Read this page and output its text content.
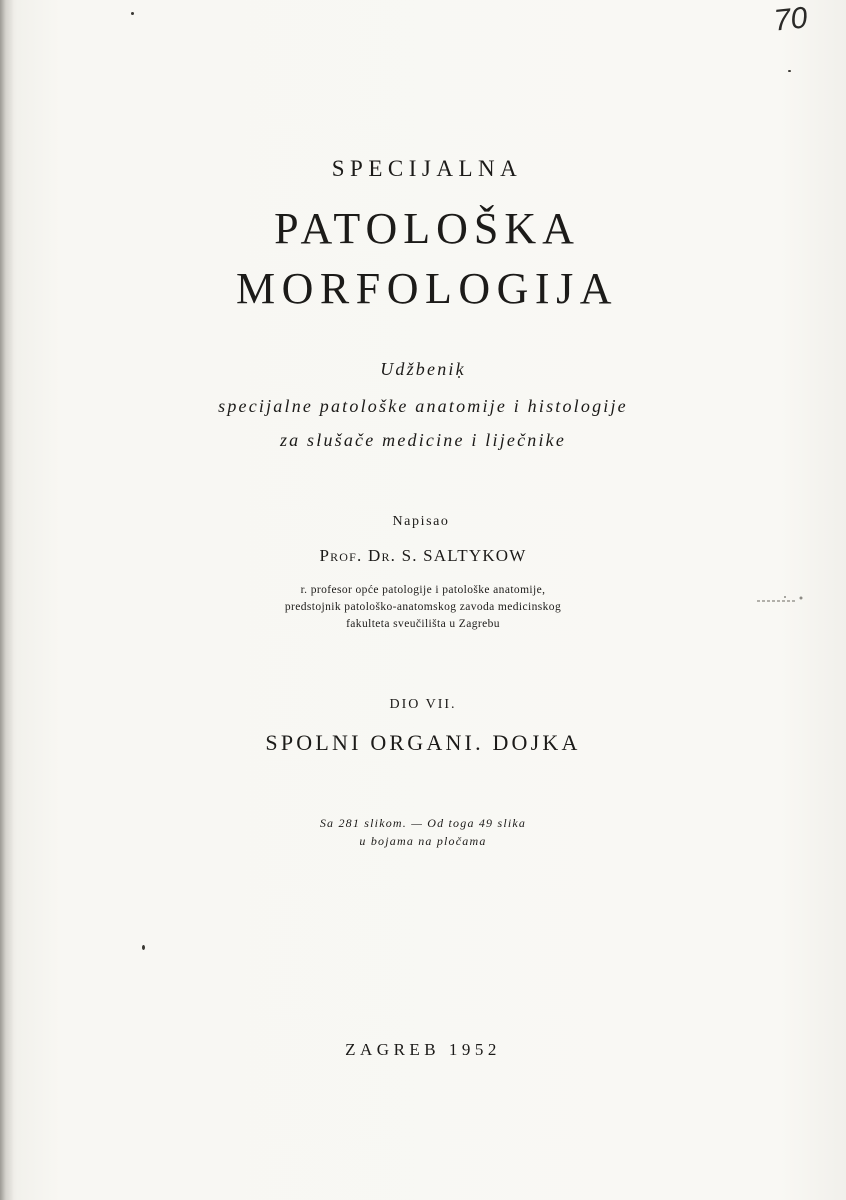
70
SPECIJALNA
PATOLOŠKA
MORFOLOGIJA
Udžbenik
specijalne patološke anatomije i histologije
za slušače medicine i liječnike
Napisao
Prof. Dr. S. SALTYKOW
r. profesor opće patologije i patološke anatomije,
predstojnik patološko-anatomskog zavoda medicinskog
fakulteta sveučilišta u Zagrebu
DIO VII.
SPOLNI ORGANI. DOJKA
Sa 281 slikom. — Od toga 49 slika
u bojama na pločama
ZAGREB 1952
